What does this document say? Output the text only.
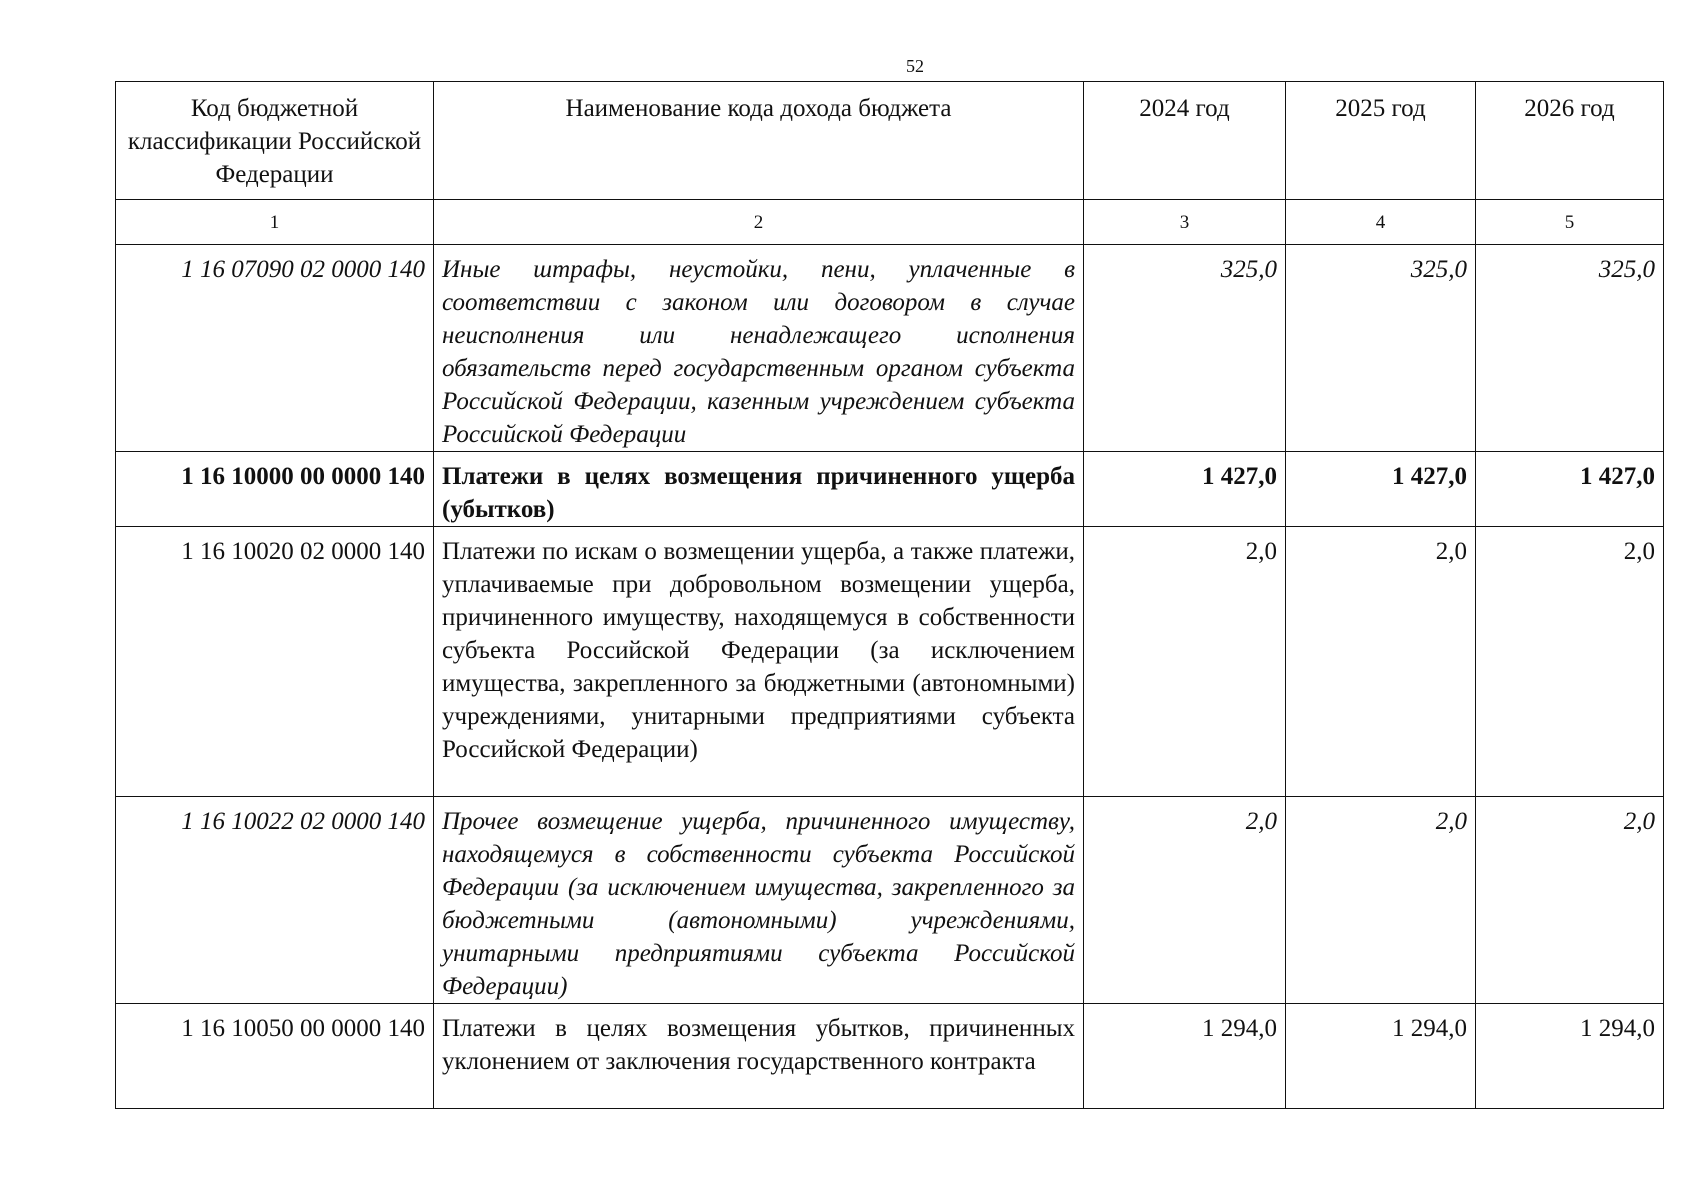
52
Код бюджетной классификации Российской Федерации	Наименование кода дохода бюджета	2024 год	2025 год	2026 год
1	2	3	4	5
1 16 07090 02 0000 140	Иные штрафы, неустойки, пени, уплаченные в соответствии с законом или договором в случае неисполнения или ненадлежащего исполнения обязательств перед государственным органом субъекта Российской Федерации, казенным учреждением субъекта Российской Федерации	325,0	325,0	325,0
1 16 10000 00 0000 140	Платежи в целях возмещения причиненного ущерба (убытков)	1 427,0	1 427,0	1 427,0
1 16 10020 02 0000 140	Платежи по искам о возмещении ущерба, а также платежи, уплачиваемые при добровольном возмещении ущерба, причиненного имуществу, находящемуся в собственности субъекта Российской Федерации (за исключением имущества, закрепленного за бюджетными (автономными) учреждениями, унитарными предприятиями субъекта Российской Федерации)	2,0	2,0	2,0
1 16 10022 02 0000 140	Прочее возмещение ущерба, причиненного имуществу, находящемуся в собственности субъекта Российской Федерации (за исключением имущества, закрепленного за бюджетными (автономными) учреждениями, унитарными предприятиями субъекта Российской Федерации)	2,0	2,0	2,0
1 16 10050 00 0000 140	Платежи в целях возмещения убытков, причиненных уклонением от заключения государственного контракта	1 294,0	1 294,0	1 294,0
